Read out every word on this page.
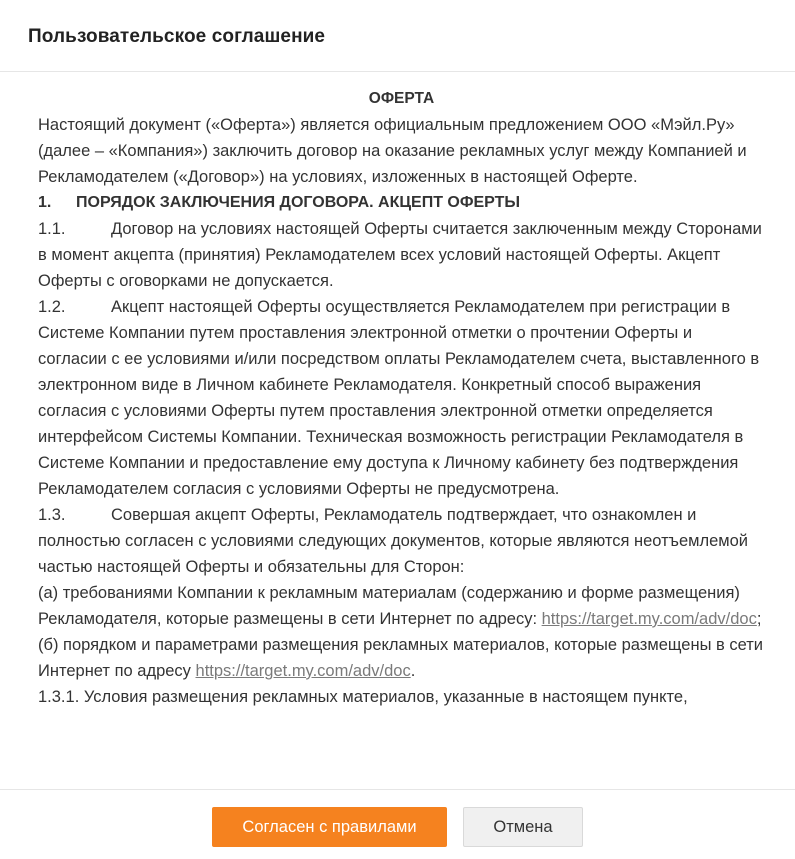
Пользовательское соглашение

ОФЕРТА

Настоящий документ («Оферта») является официальным предложением ООО «Мэйл.Ру» (далее – «Компания») заключить договор на оказание рекламных услуг между Компанией и Рекламодателем («Договор») на условиях, изложенных в настоящей Оферте.

1. ПОРЯДОК ЗАКЛЮЧЕНИЯ ДОГОВОРА. АКЦЕПТ ОФЕРТЫ

1.1.	Договор на условиях настоящей Оферты считается заключенным между Сторонами в момент акцепта (принятия) Рекламодателем всех условий настоящей Оферты. Акцепт Оферты с оговорками не допускается.

1.2.	Акцепт настоящей Оферты осуществляется Рекламодателем при регистрации в Системе Компании путем проставления электронной отметки о прочтении Оферты и согласии с ее условиями и/или посредством оплаты Рекламодателем счета, выставленного в электронном виде в Личном кабинете Рекламодателя. Конкретный способ выражения согласия с условиями Оферты путем проставления электронной отметки определяется интерфейсом Системы Компании. Техническая возможность регистрации Рекламодателя в Системе Компании и предоставление ему доступа к Личному кабинету без подтверждения Рекламодателем согласия с условиями Оферты не предусмотрена.

1.3.	Совершая акцепт Оферты, Рекламодатель подтверждает, что ознакомлен и полностью согласен с условиями следующих документов, которые являются неотъемлемой частью настоящей Оферты и обязательны для Сторон:

(а) требованиями Компании к рекламным материалам (содержанию и форме размещения) Рекламодателя, которые размещены в сети Интернет по адресу: https://target.my.com/adv/doc;

(б) порядком и параметрами размещения рекламных материалов, которые размещены в сети Интернет по адресу https://target.my.com/adv/doc.

1.3.1. Условия размещения рекламных материалов, указанные в настоящем пункте,

Согласен с правилами	Отмена
